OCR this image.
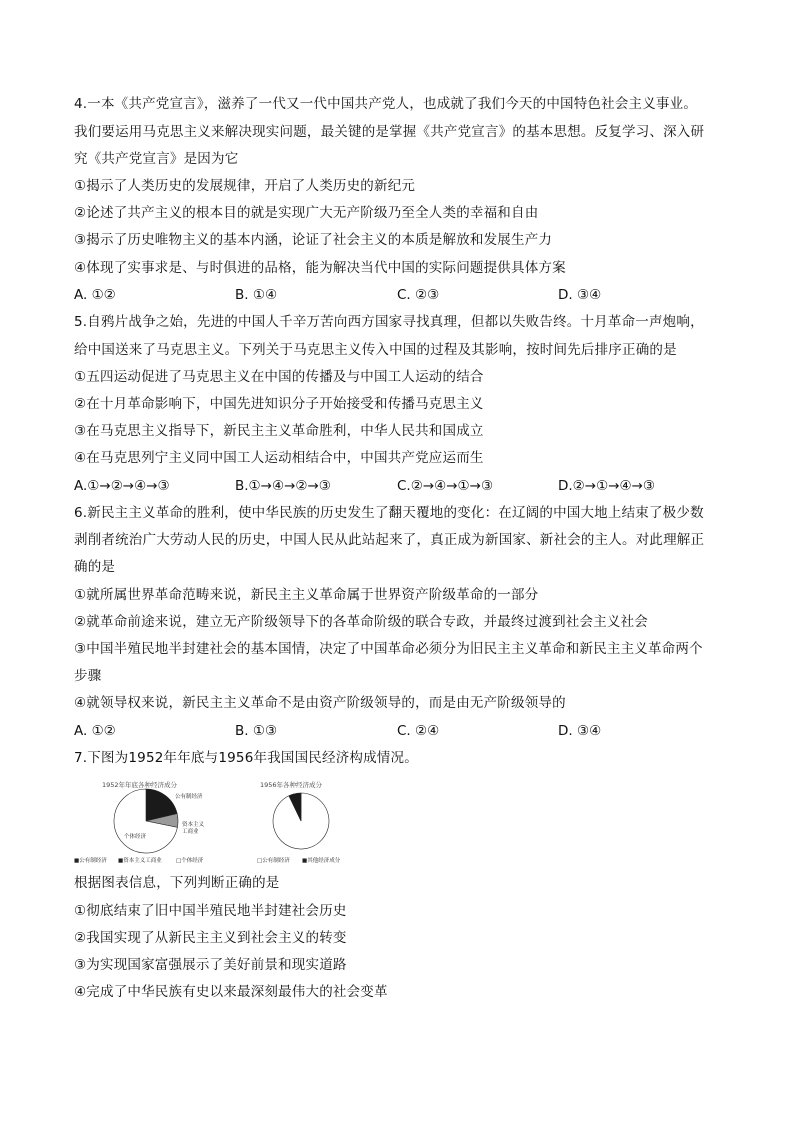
4.一本《共产党宣言》，滋养了一代又一代中国共产党人，也成就了我们今天的中国特色社会主义事业。
我们要运用马克思主义来解决现实问题，最关键的是掌握《共产党宣言》的基本思想。反复学习、深入研
究《共产党宣言》是因为它
①揭示了人类历史的发展规律，开启了人类历史的新纪元
②论述了共产主义的根本目的就是实现广大无产阶级乃至全人类的幸福和自由
③揭示了历史唯物主义的基本内涵，论证了社会主义的本质是解放和发展生产力
④体现了实事求是、与时俱进的品格，能为解决当代中国的实际问题提供具体方案
A. ①②	B. ①④	C. ②③	D. ③④
5.自鸦片战争之始，先进的中国人千辛万苦向西方国家寻找真理，但都以失败告终。十月革命一声炮响，
给中国送来了马克思主义。下列关于马克思主义传入中国的过程及其影响，按时间先后排序正确的是
①五四运动促进了马克思主义在中国的传播及与中国工人运动的结合
②在十月革命影响下，中国先进知识分子开始接受和传播马克思主义
③在马克思主义指导下，新民主主义革命胜利，中华人民共和国成立
④在马克思列宁主义同中国工人运动相结合中，中国共产党应运而生
A.①→②→④→③	B.①→④→②→③	C.②→④→①→③	D.②→①→④→③
6.新民主主义革命的胜利，使中华民族的历史发生了翻天覆地的变化：在辽阔的中国大地上结束了极少数
剥削者统治广大劳动人民的历史，中国人民从此站起来了，真正成为新国家、新社会的主人。对此理解正
确的是
①就所属世界革命范畴来说，新民主主义革命属于世界资产阶级革命的一部分
②就革命前途来说，建立无产阶级领导下的各革命阶级的联合专政，并最终过渡到社会主义社会
③中国半殖民地半封建社会的基本国情，决定了中国革命必须分为旧民主主义革命和新民主主义革命两个
步骤
④就领导权来说，新民主主义革命不是由资产阶级领导的，而是由无产阶级领导的
A. ①②	B. ①③	C. ②④	D. ③④
7.下图为1952年年底与1956年我国国民经济构成情况。
1952年年底各种经济成分
公有制经济
资本主义
工商业
个体经济
■公有制经济 ■资本主义工商业	□个体经济
1956年各种经济成分
□公有制经济 ■其他经济成分
根据图表信息，下列判断正确的是
①彻底结束了旧中国半殖民地半封建社会历史
②我国实现了从新民主主义到社会主义的转变
③为实现国家富强展示了美好前景和现实道路
④完成了中华民族有史以来最深刻最伟大的社会变革
